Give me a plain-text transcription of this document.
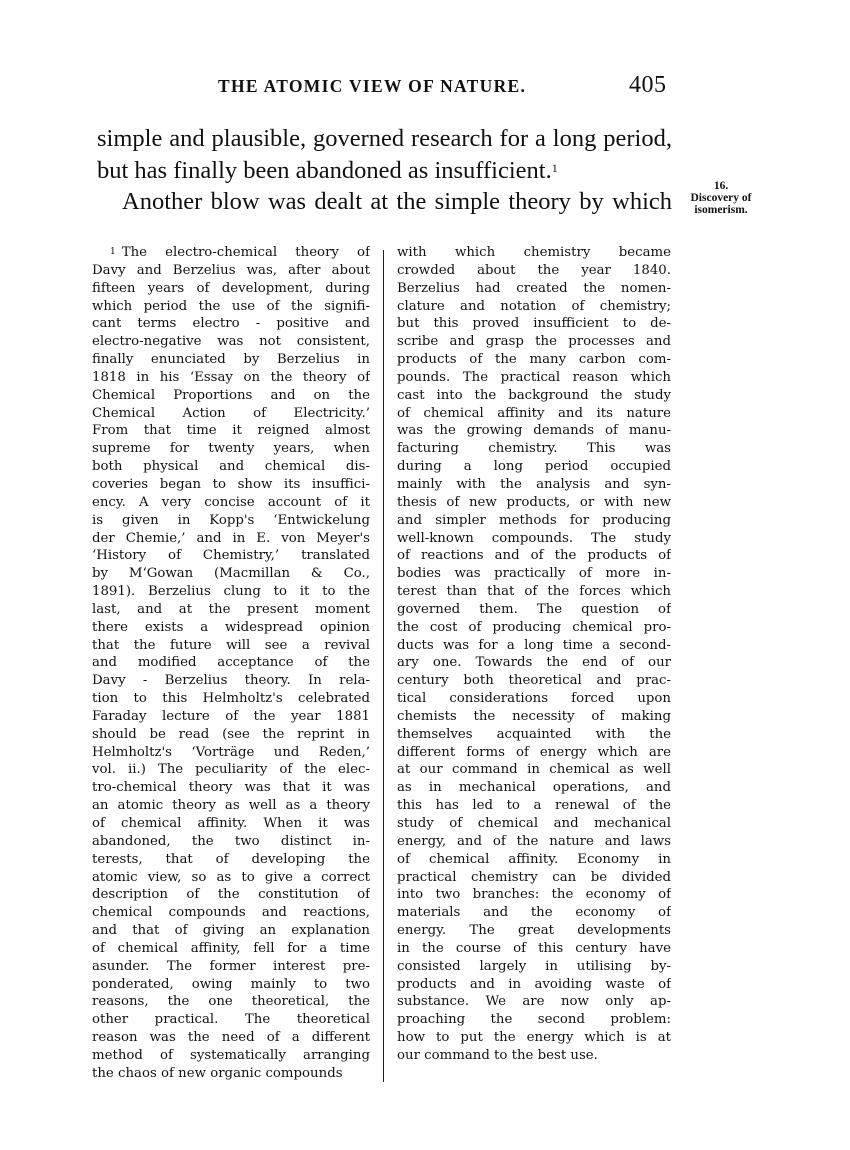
THE ATOMIC VIEW OF NATURE.	405
simple and plausible, governed research for a long period,
but has finally been abandoned as insufficient.$^1$
Another blow was dealt at the simple theory by which
16.
Discovery of
isomerism.
$^1$ The electro-chemical theory of
Davy and Berzelius was, after about
fifteen years of development, during
which period the use of the signifi-
cant terms electro - positive and
electro-negative was not consistent,
finally enunciated by Berzelius in
1818 in his ‘Essay on the theory of
Chemical Proportions and on the
Chemical Action of Electricity.’
From that time it reigned almost
supreme for twenty years, when
both physical and chemical dis-
coveries began to show its insuffici-
ency. A very concise account of it
is given in Kopp's ‘Entwickelung
der Chemie,’ and in E. von Meyer's
‘History of Chemistry,’ translated
by M‘Gowan (Macmillan & Co.,
1891). Berzelius clung to it to the
last, and at the present moment
there exists a widespread opinion
that the future will see a revival
and modified acceptance of the
Davy - Berzelius theory. In rela-
tion to this Helmholtz's celebrated
Faraday lecture of the year 1881
should be read (see the reprint in
Helmholtz's ‘Vorträge und Reden,’
vol. ii.) The peculiarity of the elec-
tro-chemical theory was that it was
an atomic theory as well as a theory
of chemical affinity. When it was
abandoned, the two distinct in-
terests, that of developing the
atomic view, so as to give a correct
description of the constitution of
chemical compounds and reactions,
and that of giving an explanation
of chemical affinity, fell for a time
asunder. The former interest pre-
ponderated, owing mainly to two
reasons, the one theoretical, the
other practical. The theoretical
reason was the need of a different
method of systematically arranging
the chaos of new organic compounds
with which chemistry became
crowded about the year 1840.
Berzelius had created the nomen-
clature and notation of chemistry;
but this proved insufficient to de-
scribe and grasp the processes and
products of the many carbon com-
pounds. The practical reason which
cast into the background the study
of chemical affinity and its nature
was the growing demands of manu-
facturing chemistry. This was
during a long period occupied
mainly with the analysis and syn-
thesis of new products, or with new
and simpler methods for producing
well-known compounds. The study
of reactions and of the products of
bodies was practically of more in-
terest than that of the forces which
governed them. The question of
the cost of producing chemical pro-
ducts was for a long time a second-
ary one. Towards the end of our
century both theoretical and prac-
tical considerations forced upon
chemists the necessity of making
themselves acquainted with the
different forms of energy which are
at our command in chemical as well
as in mechanical operations, and
this has led to a renewal of the
study of chemical and mechanical
energy, and of the nature and laws
of chemical affinity. Economy in
practical chemistry can be divided
into two branches: the economy of
materials and the economy of
energy. The great developments
in the course of this century have
consisted largely in utilising by-
products and in avoiding waste of
substance. We are now only ap-
proaching the second problem:
how to put the energy which is at
our command to the best use.
